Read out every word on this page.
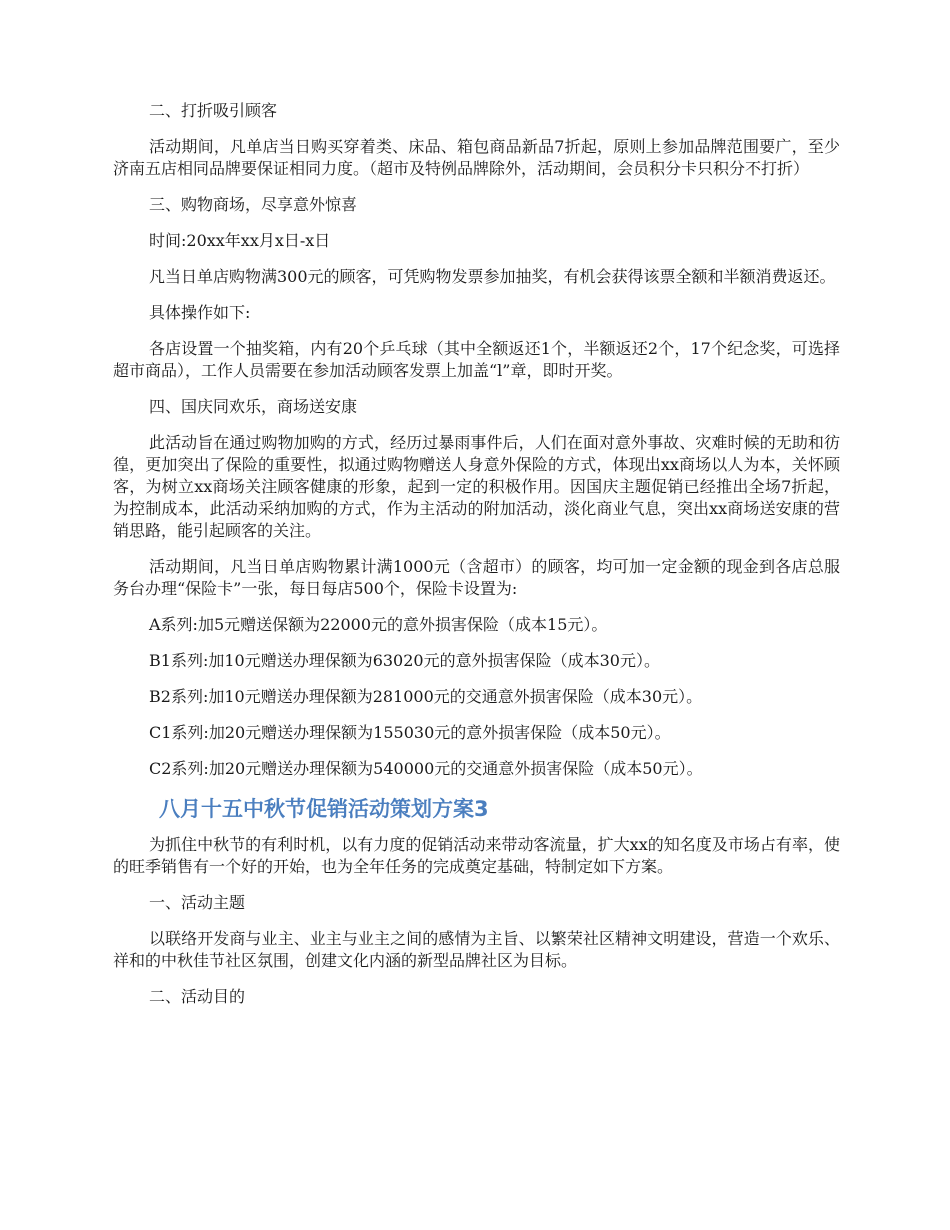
二、打折吸引顾客

活动期间，凡单店当日购买穿着类、床品、箱包商品新品7折起，原则上参加品牌范围要广，至少济南五店相同品牌要保证相同力度。（超市及特例品牌除外，活动期间，会员积分卡只积分不打折）

三、购物商场，尽享意外惊喜

时间:20xx年xx月x日-x日

凡当日单店购物满300元的顾客，可凭购物发票参加抽奖，有机会获得该票全额和半额消费返还。

具体操作如下:

各店设置一个抽奖箱，内有20个乒乓球（其中全额返还1个，半额返还2个，17个纪念奖，可选择超市商品），工作人员需要在参加活动顾客发票上加盖“l”章，即时开奖。

四、国庆同欢乐，商场送安康

此活动旨在通过购物加购的方式，经历过暴雨事件后，人们在面对意外事故、灾难时候的无助和彷徨，更加突出了保险的重要性，拟通过购物赠送人身意外保险的方式，体现出xx商场以人为本，关怀顾客，为树立xx商场关注顾客健康的形象，起到一定的积极作用。因国庆主题促销已经推出全场7折起，为控制成本，此活动采纳加购的方式，作为主活动的附加活动，淡化商业气息，突出xx商场送安康的营销思路，能引起顾客的关注。

活动期间，凡当日单店购物累计满1000元（含超市）的顾客，均可加一定金额的现金到各店总服务台办理“保险卡”一张，每日每店500个，保险卡设置为:

A系列:加5元赠送保额为22000元的意外损害保险（成本15元）。

B1系列:加10元赠送办理保额为63020元的意外损害保险（成本30元）。

B2系列:加10元赠送办理保额为281000元的交通意外损害保险（成本30元）。

C1系列:加20元赠送办理保额为155030元的意外损害保险（成本50元）。

C2系列:加20元赠送办理保额为540000元的交通意外损害保险（成本50元）。

八月十五中秋节促销活动策划方案3

为抓住中秋节的有利时机，以有力度的促销活动来带动客流量，扩大xx的知名度及市场占有率，使的旺季销售有一个好的开始，也为全年任务的完成奠定基础，特制定如下方案。

一、活动主题

以联络开发商与业主、业主与业主之间的感情为主旨、以繁荣社区精神文明建设，营造一个欢乐、祥和的中秋佳节社区氛围，创建文化内涵的新型品牌社区为目标。

二、活动目的
